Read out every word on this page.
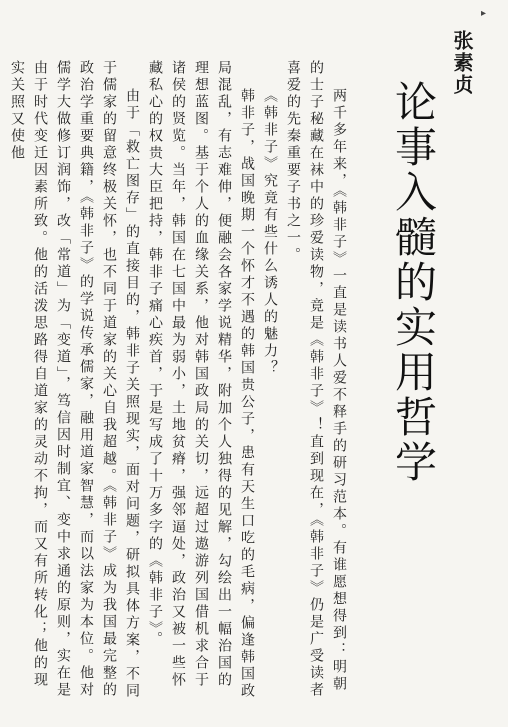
▸
张素贞
论事入髓的实用哲学

两千多年来，《韩非子》一直是读书人爱不释手的研习范本。有谁愿想得到：明朝的士子秘藏在袜中的珍爱读物，竟是《韩非子》！直到现在，《韩非子》仍是广受读者喜爱的先秦重要子书之一。

《韩非子》究竟有些什么诱人的魅力？

韩非子，战国晚期一个怀才不遇的韩国贵公子，患有天生口吃的毛病，偏逢韩国政局混乱，有志难伸，便融会各家学说精华，附加个人独得的见解，勾绘出一幅治国的理想蓝图。基于个人的血缘关系，他对韩国政局的关切，远超过遨游列国借机求合于诸侯的贤览。当年，韩国在七国中最为弱小，土地贫瘠，强邻逼处，政治又被一些怀藏私心的权贵大臣把持，韩非子痛心疾首，于是写成了十万多字的《韩非子》。

由于「救亡图存」的直接目的，韩非子关照现实，面对问题，研拟具体方案，不同于儒家的留意终极关怀，也不同于道家的关心自我超越。《韩非子》成为我国最完整的政治学重要典籍，《韩非子》的学说传承儒家，融用道家智慧，而以法家为本位。他对儒学大做修订润饰，改「常道」为「变道」，笃信因时制宜、变中求通的原则，实在是由于时代变迁因素所致。他的活泼思路得自道家的灵动不拘，而又有所转化；他的现实关照又使他
